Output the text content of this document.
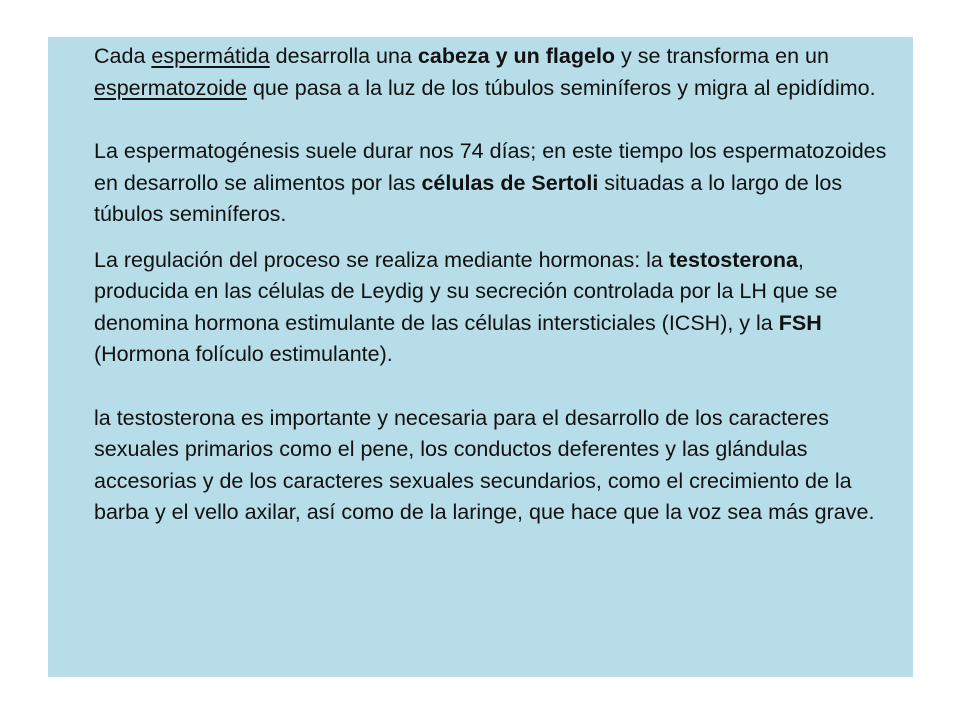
Cada espermátida desarrolla una cabeza y un flagelo y se transforma en un espermatozoide que pasa a la luz de los túbulos seminíferos y migra al epidídimo.

La espermatogénesis suele durar nos 74 días; en este tiempo los espermatozoides en desarrollo se alimentos por las células de Sertoli situadas a lo largo de los túbulos seminíferos.

La regulación del proceso se realiza mediante hormonas: la testosterona, producida en las células de Leydig y su secreción controlada por la LH que se denomina hormona estimulante de las células intersticiales (ICSH), y la FSH (Hormona folículo estimulante).

la testosterona es importante y necesaria para el desarrollo de los caracteres sexuales primarios como el pene, los conductos deferentes y las glándulas accesorias y de los caracteres sexuales secundarios, como el crecimiento de la barba y el vello axilar, así como de la laringe, que hace que la voz sea más grave.
